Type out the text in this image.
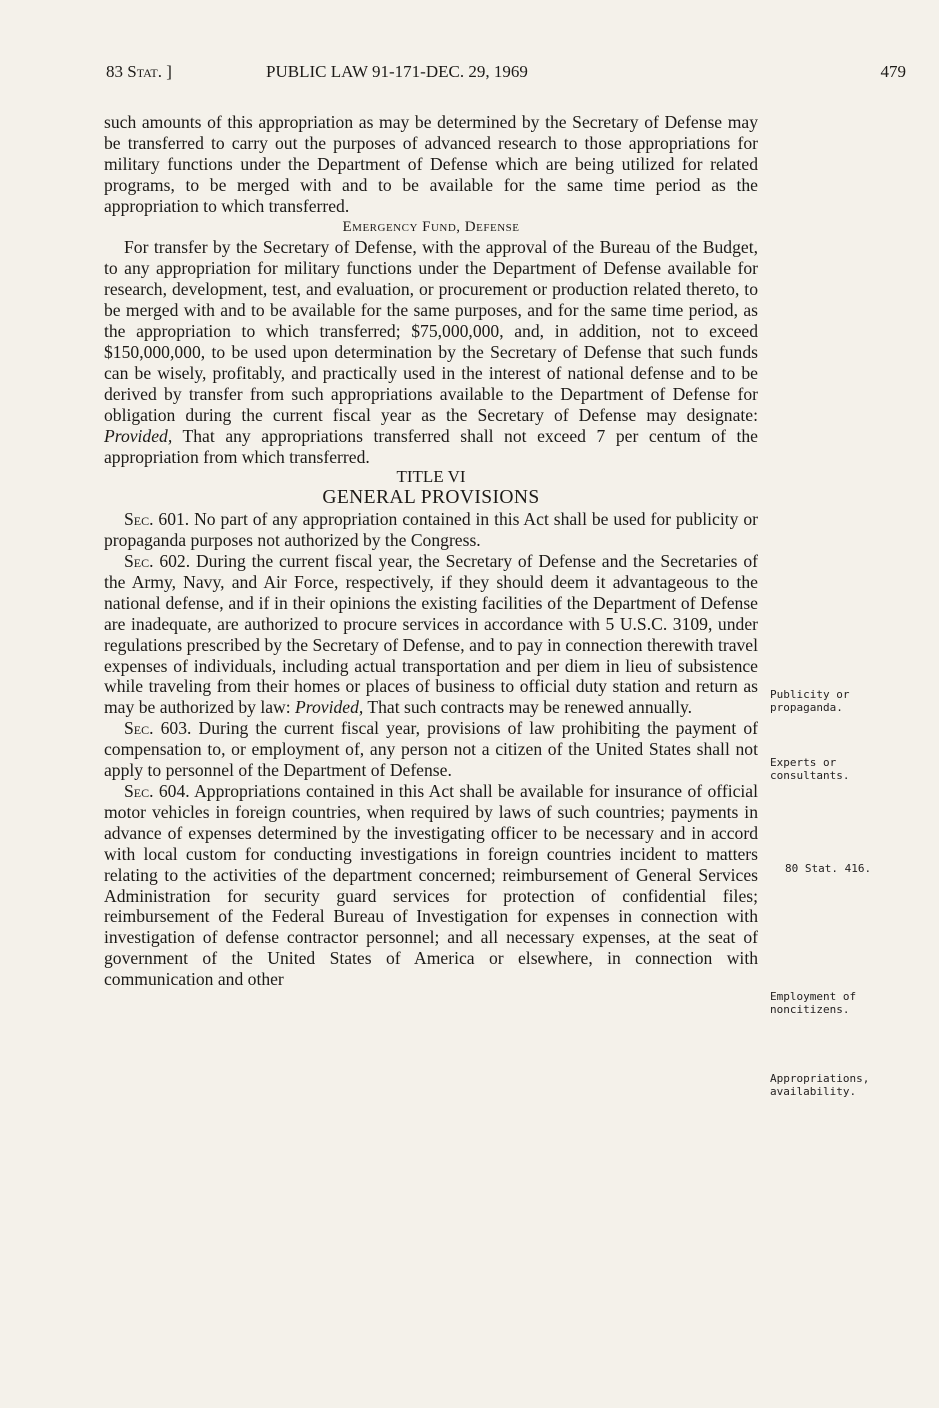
83 Stat. ]	PUBLIC LAW 91-171-DEC. 29, 1969	479

such amounts of this appropriation as may be determined by the Secretary of Defense may be transferred to carry out the purposes of advanced research to those appropriations for military functions under the Department of Defense which are being utilized for related programs, to be merged with and to be available for the same time period as the appropriation to which transferred.

Emergency Fund, Defense

For transfer by the Secretary of Defense, with the approval of the Bureau of the Budget, to any appropriation for military functions under the Department of Defense available for research, development, test, and evaluation, or procurement or production related thereto, to be merged with and to be available for the same purposes, and for the same time period, as the appropriation to which transferred; $75,000,000, and, in addition, not to exceed $150,000,000, to be used upon determination by the Secretary of Defense that such funds can be wisely, profitably, and practically used in the interest of national defense and to be derived by transfer from such appropriations available to the Department of Defense for obligation during the current fiscal year as the Secretary of Defense may designate: Provided, That any appropriations transferred shall not exceed 7 per centum of the appropriation from which transferred.

TITLE VI

GENERAL PROVISIONS

Sec. 601. No part of any appropriation contained in this Act shall be used for publicity or propaganda purposes not authorized by the Congress.

Sec. 602. During the current fiscal year, the Secretary of Defense and the Secretaries of the Army, Navy, and Air Force, respectively, if they should deem it advantageous to the national defense, and if in their opinions the existing facilities of the Department of Defense are inadequate, are authorized to procure services in accordance with 5 U.S.C. 3109, under regulations prescribed by the Secretary of Defense, and to pay in connection therewith travel expenses of individuals, including actual transportation and per diem in lieu of subsistence while traveling from their homes or places of business to official duty station and return as may be authorized by law: Provided, That such contracts may be renewed annually.

Sec. 603. During the current fiscal year, provisions of law prohibiting the payment of compensation to, or employment of, any person not a citizen of the United States shall not apply to personnel of the Department of Defense.

Sec. 604. Appropriations contained in this Act shall be available for insurance of official motor vehicles in foreign countries, when required by laws of such countries; payments in advance of expenses determined by the investigating officer to be necessary and in accord with local custom for conducting investigations in foreign countries incident to matters relating to the activities of the department concerned; reimbursement of General Services Administration for security guard services for protection of confidential files; reimbursement of the Federal Bureau of Investigation for expenses in connection with investigation of defense contractor personnel; and all necessary expenses, at the seat of government of the United States of America or elsewhere, in connection with communication and other

Publicity or propaganda.
Experts or consultants.
80 Stat. 416.
Employment of noncitizens.
Appropriations, availability.
